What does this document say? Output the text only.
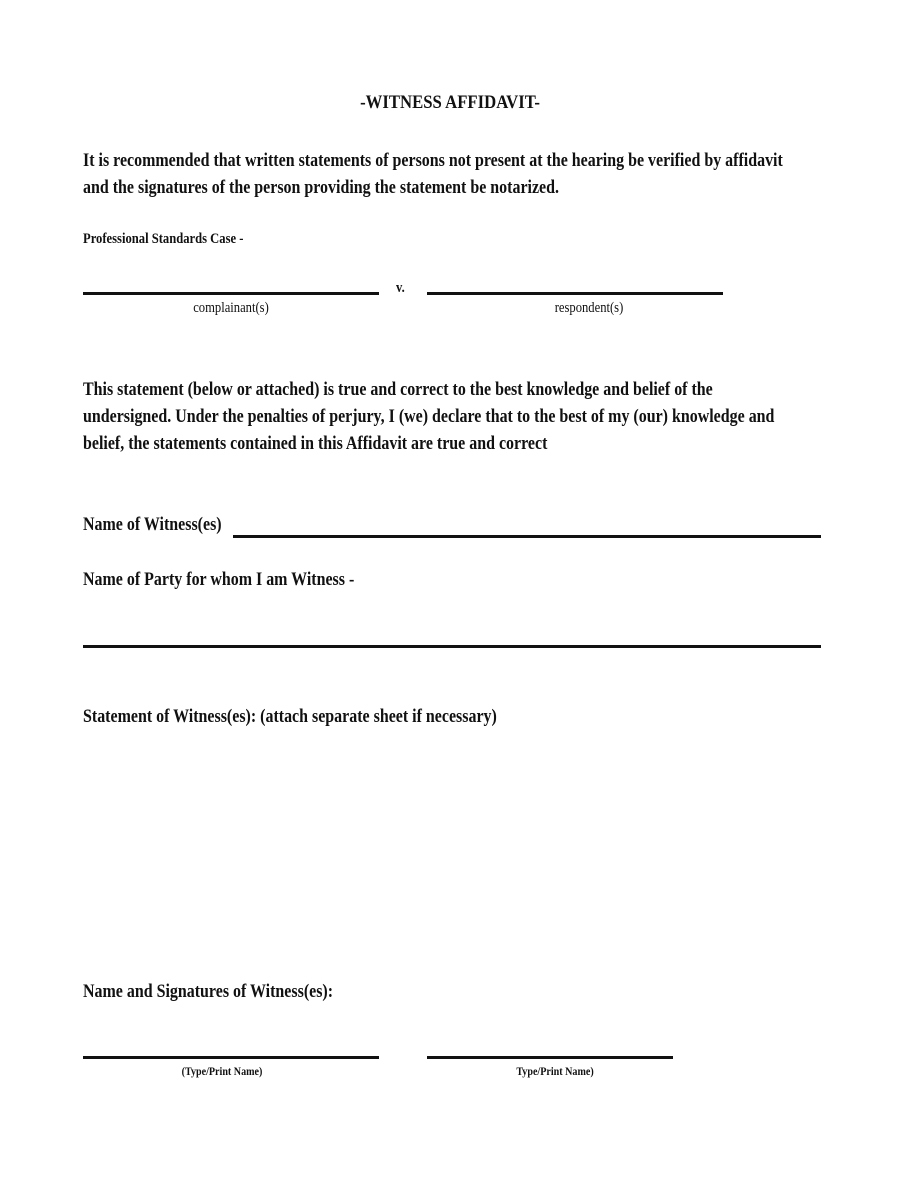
-WITNESS AFFIDAVIT-
It is recommended that written statements of persons not present at the hearing be verified by affidavit
and the signatures of the person providing the statement be notarized.
Professional Standards Case -
v.
complainant(s)	respondent(s)
This statement (below or attached) is true and correct to the best knowledge and belief of the
undersigned. Under the penalties of perjury, I (we) declare that to the best of my (our) knowledge and
belief, the statements contained in this Affidavit are true and correct
Name of Witness(es)
Name of Party for whom I am Witness -
Statement of Witness(es): (attach separate sheet if necessary)
Name and Signatures of Witness(es):
(Type/Print Name)	Type/Print Name)
